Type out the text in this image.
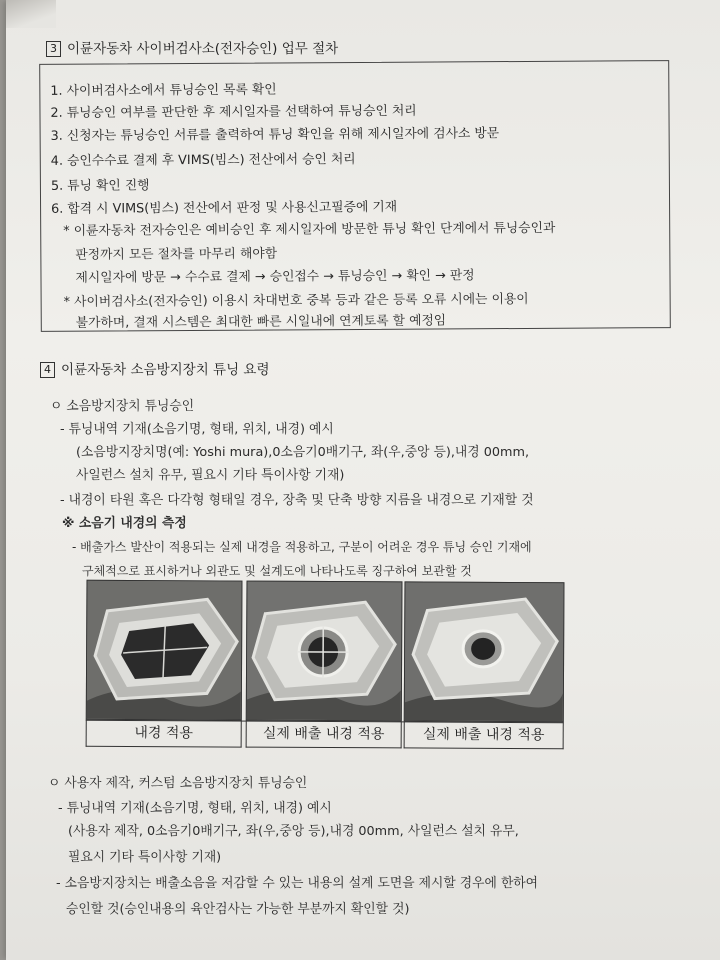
3 이륜자동차 사이버검사소(전자승인) 업무 절차
1. 사이버검사소에서 튜닝승인 목록 확인
2. 튜닝승인 여부를 판단한 후 제시일자를 선택하여 튜닝승인 처리
3. 신청자는 튜닝승인 서류를 출력하여 튜닝 확인을 위해 제시일자에 검사소 방문
4. 승인수수료 결제 후 VIMS(빔스) 전산에서 승인 처리
5. 튜닝 확인 진행
6. 합격 시 VIMS(빔스) 전산에서 판정 및 사용신고필증에 기재
* 이륜자동차 전자승인은 예비승인 후 제시일자에 방문한 튜닝 확인 단계에서 튜닝승인과
판정까지 모든 절차를 마무리 해야함
제시일자에 방문 → 수수료 결제 → 승인접수 → 튜닝승인 → 확인 → 판정
* 사이버검사소(전자승인) 이용시 차대번호 중복 등과 같은 등록 오류 시에는 이용이
불가하며, 결재 시스템은 최대한 빠른 시일내에 연계토록 할 예정임
4 이륜자동차 소음방지장치 튜닝 요령
ㅇ 소음방지장치 튜닝승인
- 튜닝내역 기재(소음기명, 형태, 위치, 내경) 예시
(소음방지장치명(예: Yoshi mura),0소음기0배기구, 좌(우,중앙 등),내경 00mm,
사일런스 설치 유무, 필요시 기타 특이사항 기재)
- 내경이 타원 혹은 다각형 형태일 경우, 장축 및 단축 방향 지름을 내경으로 기재할 것
※ 소음기 내경의 측정
- 배출가스 발산이 적용되는 실제 내경을 적용하고, 구분이 어려운 경우 튜닝 승인 기재에
구체적으로 표시하거나 외관도 및 설계도에 나타나도록 징구하여 보관할 것
내경 적용	실제 배출 내경 적용	실제 배출 내경 적용
ㅇ 사용자 제작, 커스텀 소음방지장치 튜닝승인
- 튜닝내역 기재(소음기명, 형태, 위치, 내경) 예시
(사용자 제작, 0소음기0배기구, 좌(우,중앙 등),내경 00mm, 사일런스 설치 유무,
필요시 기타 특이사항 기재)
- 소음방지장치는 배출소음을 저감할 수 있는 내용의 설계 도면을 제시할 경우에 한하여
승인할 것(승인내용의 육안검사는 가능한 부분까지 확인할 것)
